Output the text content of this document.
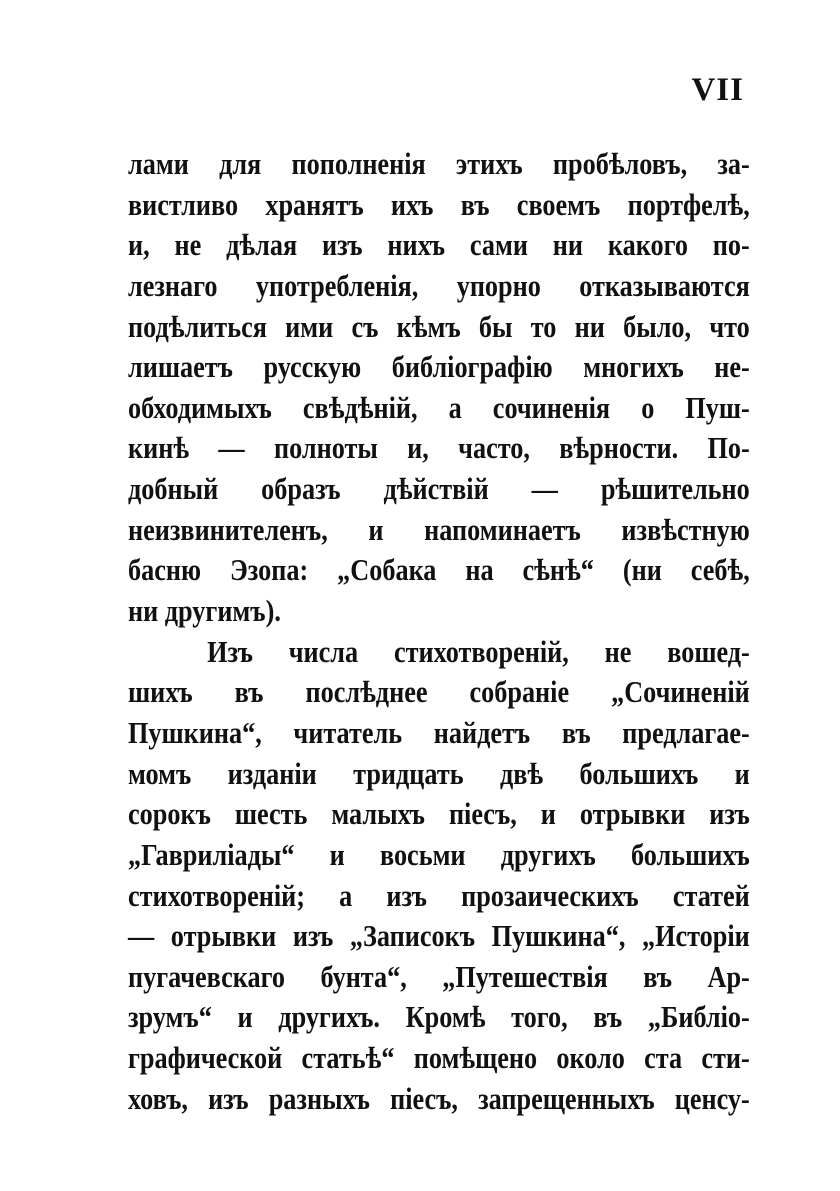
VII
лами для пополненія этихъ пробѣловъ, за-
вистливо хранятъ ихъ въ своемъ портфелѣ,
и, не дѣлая изъ нихъ сами ни какого по-
лезнаго употребленія, упорно отказываются
подѣлиться ими съ кѣмъ бы то ни было, что
лишаетъ русскую библіографію многихъ не-
обходимыхъ свѣдѣній, а сочиненія о Пуш-
кинѣ — полноты и, часто, вѣрности. По-
добный образъ дѣйствій — рѣшительно
неизвинителенъ, и напоминаетъ извѣстную
басню Эзопа: „Собака на сѣнѣ“ (ни себѣ,
ни другимъ).
Изъ числа стихотвореній, не вошед-
шихъ въ послѣднее собраніе „Сочиненій
Пушкина“, читатель найдетъ въ предлагае-
момъ изданіи тридцать двѣ большихъ и
сорокъ шесть малыхъ піесъ, и отрывки изъ
„Гавриліады“ и восьми другихъ большихъ
стихотвореній; а изъ прозаическихъ статей
— отрывки изъ „Записокъ Пушкина“, „Исторіи
пугачевскаго бунта“, „Путешествія въ Ар-
зрумъ“ и другихъ. Кромѣ того, въ „Библіо-
графической статьѣ“ помѣщено около ста сти-
ховъ, изъ разныхъ піесъ, запрещенныхъ ценсу-
